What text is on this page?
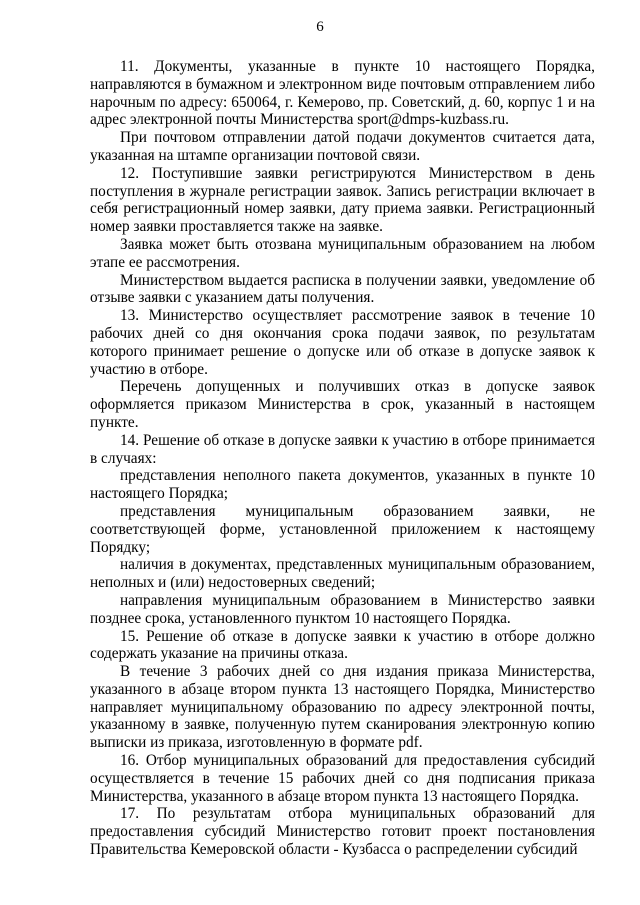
6

11. Документы, указанные в пункте 10 настоящего Порядка, направляются в бумажном и электронном виде почтовым отправлением либо нарочным по адресу: 650064, г. Кемерово, пр. Советский, д. 60, корпус 1 и на адрес электронной почты Министерства sport@dmps-kuzbass.ru.

При почтовом отправлении датой подачи документов считается дата, указанная на штампе организации почтовой связи.

12. Поступившие заявки регистрируются Министерством в день поступления в журнале регистрации заявок. Запись регистрации включает в себя регистрационный номер заявки, дату приема заявки. Регистрационный номер заявки проставляется также на заявке.

Заявка может быть отозвана муниципальным образованием на любом этапе ее рассмотрения.

Министерством выдается расписка в получении заявки, уведомление об отзыве заявки с указанием даты получения.

13. Министерство осуществляет рассмотрение заявок в течение 10 рабочих дней со дня окончания срока подачи заявок, по результатам которого принимает решение о допуске или об отказе в допуске заявок к участию в отборе.

Перечень допущенных и получивших отказ в допуске заявок оформляется приказом Министерства в срок, указанный в настоящем пункте.

14. Решение об отказе в допуске заявки к участию в отборе принимается в случаях:

представления неполного пакета документов, указанных в пункте 10 настоящего Порядка;

представления муниципальным образованием заявки, не соответствующей форме, установленной приложением к настоящему Порядку;

наличия в документах, представленных муниципальным образованием, неполных и (или) недостоверных сведений;

направления муниципальным образованием в Министерство заявки позднее срока, установленного пунктом 10 настоящего Порядка.

15. Решение об отказе в допуске заявки к участию в отборе должно содержать указание на причины отказа.

В течение 3 рабочих дней со дня издания приказа Министерства, указанного в абзаце втором пункта 13 настоящего Порядка, Министерство направляет муниципальному образованию по адресу электронной почты, указанному в заявке, полученную путем сканирования электронную копию выписки из приказа, изготовленную в формате pdf.

16. Отбор муниципальных образований для предоставления субсидий осуществляется в течение 15 рабочих дней со дня подписания приказа Министерства, указанного в абзаце втором пункта 13 настоящего Порядка.

17. По результатам отбора муниципальных образований для предоставления субсидий Министерство готовит проект постановления Правительства Кемеровской области - Кузбасса о распределении субсидий
